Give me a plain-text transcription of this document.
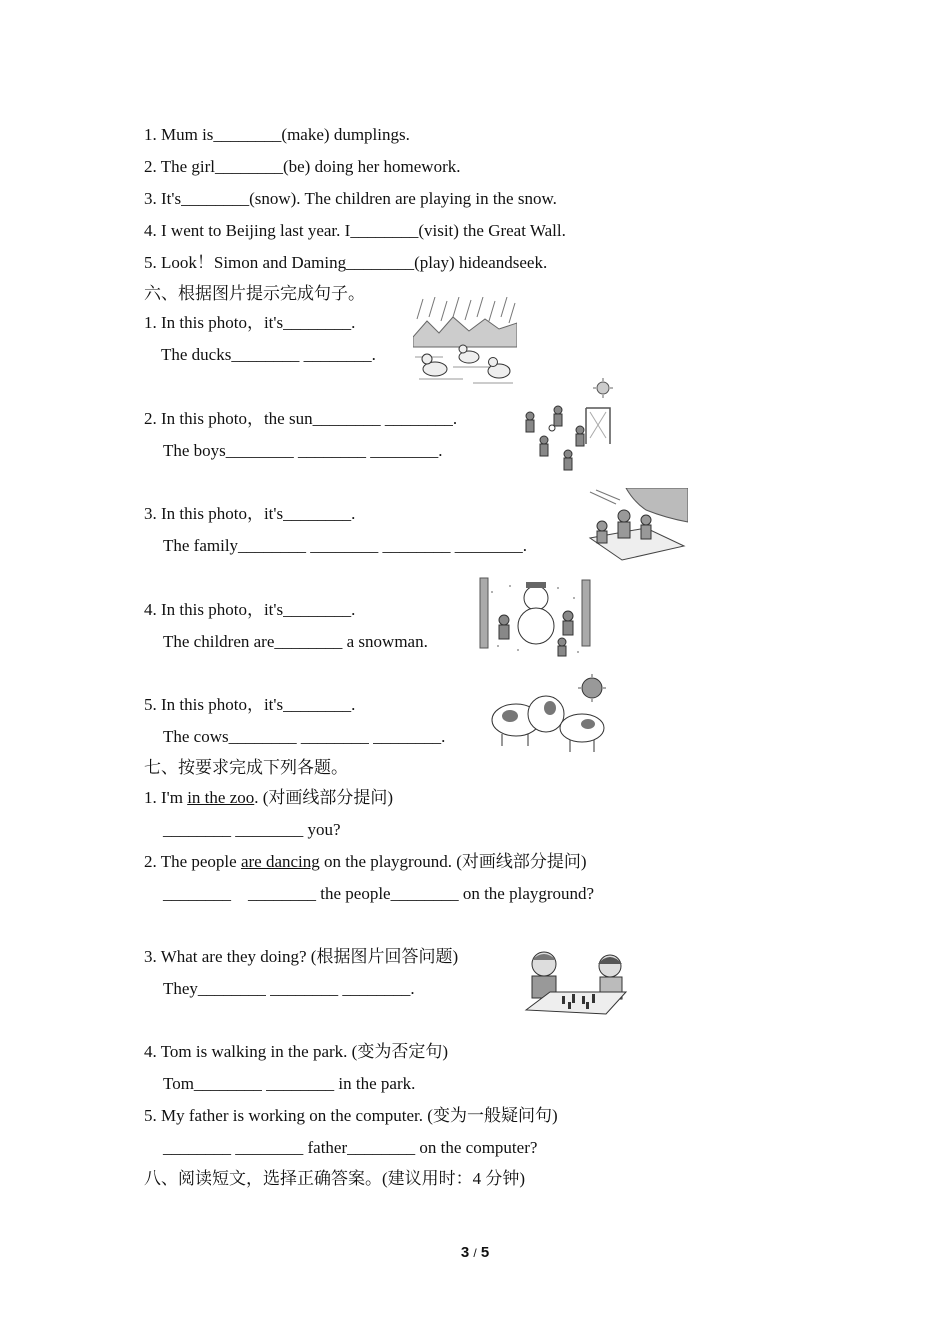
1. Mum is________(make) dumplings.
2. The girl________(be) doing her homework.
3. It's________(snow). The children are playing in the snow.
4. I went to Beijing last year. I________(visit) the Great Wall.
5. Look！Simon and Daming________(play) hideandseek.
六、根据图片提示完成句子。
1. In this photo，it's________.
The ducks________ ________.
2. In this photo，the sun________ ________.
The boys________ ________ ________.
3. In this photo，it's________.
The family________ ________ ________ ________.
4. In this photo，it's________.
The children are________ a snowman.
5. In this photo，it's________.
The cows________ ________ ________.
七、按要求完成下列各题。
1. I'm in the zoo. (对画线部分提问)
________ ________ you?
2. The people are dancing on the playground. (对画线部分提问)
________    ________ the people________ on the playground?
3. What are they doing? (根据图片回答问题)
They________ ________ ________.
4. Tom is walking in the park. (变为否定句)
Tom________ ________ in the park.
5. My father is working on the computer. (变为一般疑问句)
________ ________ father________ on the computer?
八、阅读短文，选择正确答案。(建议用时：4 分钟)
3 / 5
